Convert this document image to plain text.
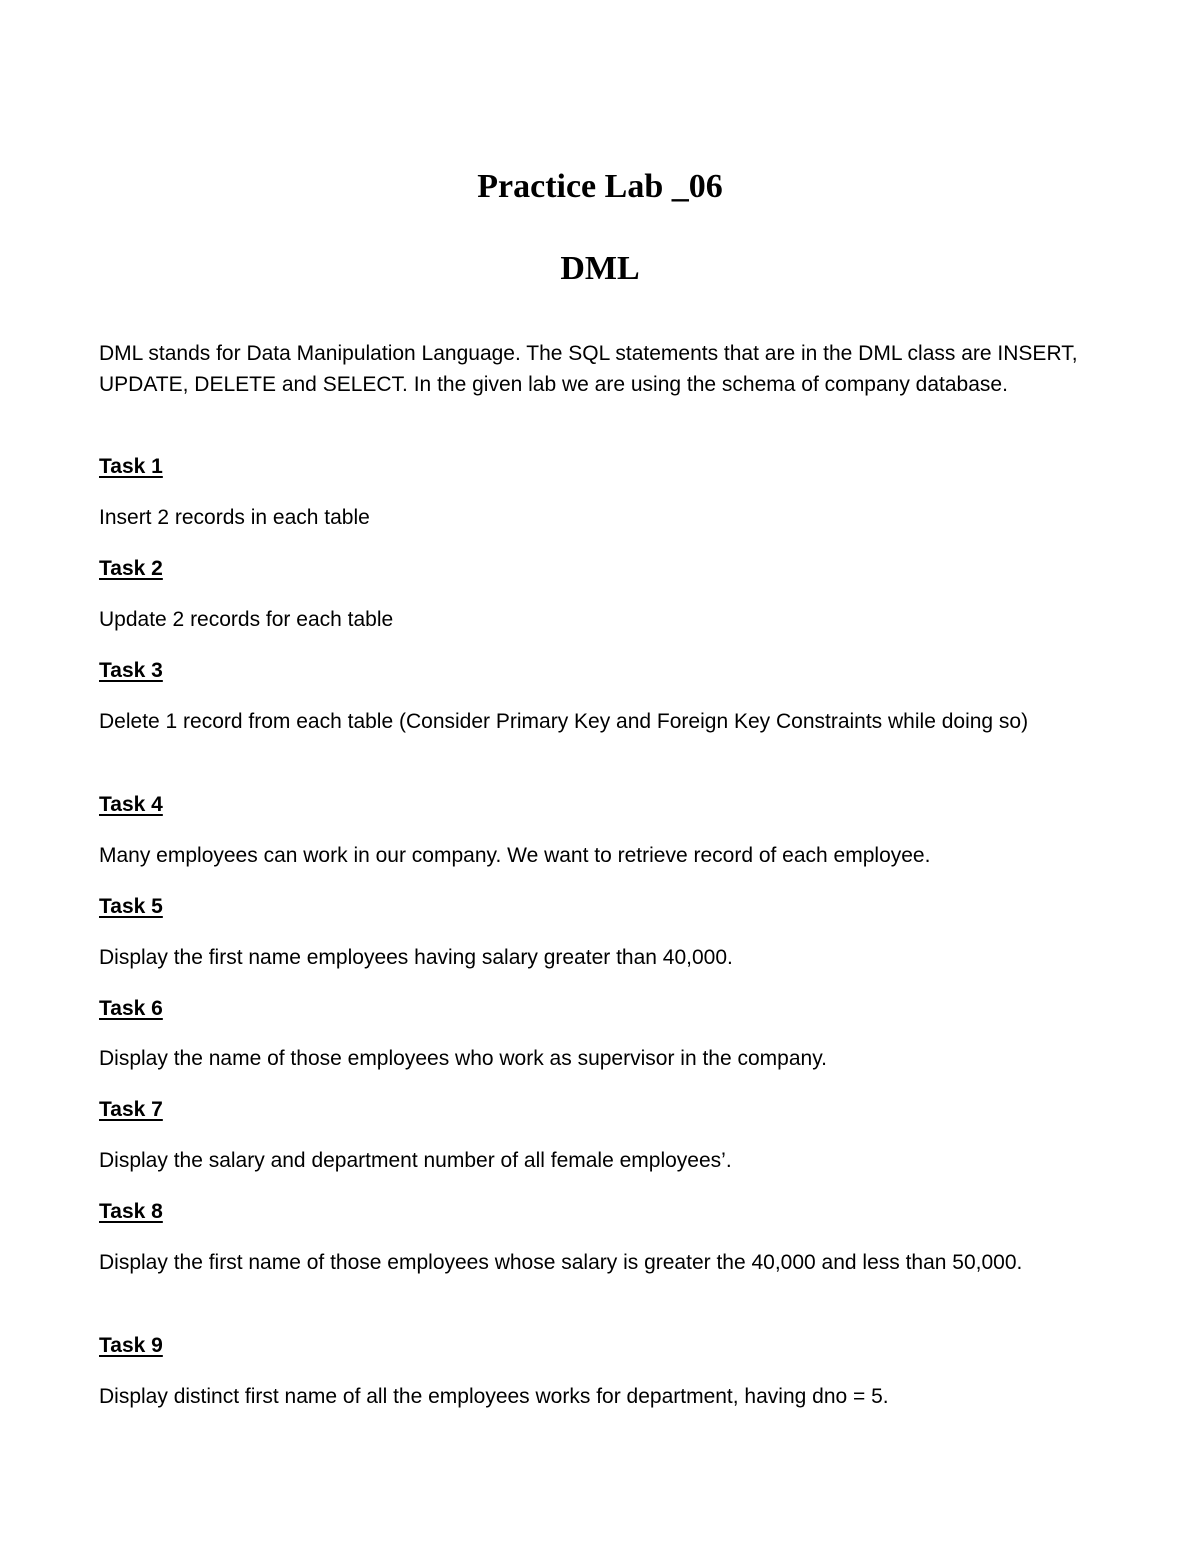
Practice Lab _06
DML

DML stands for Data Manipulation Language. The SQL statements that are in the DML class are INSERT, UPDATE, DELETE and SELECT. In the given lab we are using the schema of company database.

Task 1

Insert 2 records in each table

Task 2

Update 2 records for each table

Task 3

Delete 1 record from each table (Consider Primary Key and Foreign Key Constraints while doing so)

Task 4

Many employees can work in our company. We want to retrieve record of each employee.

Task 5

Display the first name employees having salary greater than 40,000.

Task 6

Display the name of those employees who work as supervisor in the company.

Task 7

Display the salary and department number of all female employees’.

Task 8

Display the first name of those employees whose salary is greater the 40,000 and less than 50,000.

Task 9

Display distinct first name of all the employees works for department, having dno = 5.
